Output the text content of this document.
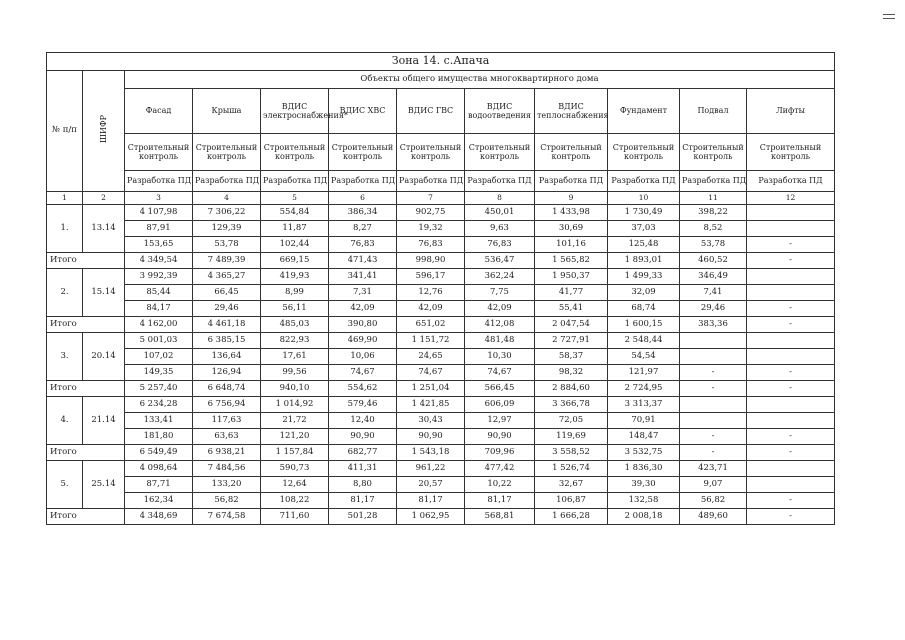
Зона 14. с.Апача											
№ п/п	ШИФР	Объекты общего имущества многоквартирного дома									
		Фасад	Крыша	ВДИС электроснабжения*	ВДИС ХВС	ВДИС ГВС	ВДИС водоотведения	ВДИС теплоснабжения	Фундамент	Подвал	Лифты
		Строительный контроль	Строительный контроль	Строительный контроль	Строительный контроль	Строительный контроль	Строительный контроль	Строительный контроль	Строительный контроль	Строительный контроль	Строительный контроль
		Разработка ПД	Разработка ПД	Разработка ПД	Разработка ПД	Разработка ПД	Разработка ПД	Разработка ПД	Разработка ПД	Разработка ПД	Разработка ПД
1	2	3	4	5	6	7	8	9	10	11	12
1.	13.14	4 107,98	7 306,22	554,84	386,34	902,75	450,01	1 433,98	1 730,49	398,22	
		87,91	129,39	11,87	8,27	19,32	9,63	30,69	37,03	8,52	
		153,65	53,78	102,44	76,83	76,83	76,83	101,16	125,48	53,78	-
Итого		4 349,54	7 489,39	669,15	471,43	998,90	536,47	1 565,82	1 893,01	460,52	-
2.	15.14	3 992,39	4 365,27	419,93	341,41	596,17	362,24	1 950,37	1 499,33	346,49	
		85,44	66,45	8,99	7,31	12,76	7,75	41,77	32,09	7,41	
		84,17	29,46	56,11	42,09	42,09	42,09	55,41	68,74	29,46	-
Итого		4 162,00	4 461,18	485,03	390,80	651,02	412,08	2 047,54	1 600,15	383,36	-
3.	20.14	5 001,03	6 385,15	822,93	469,90	1 151,72	481,48	2 727,91	2 548,44		
		107,02	136,64	17,61	10,06	24,65	10,30	58,37	54,54		
		149,35	126,94	99,56	74,67	74,67	74,67	98,32	121,97	-	-
Итого		5 257,40	6 648,74	940,10	554,62	1 251,04	566,45	2 884,60	2 724,95	-	-
4.	21.14	6 234,28	6 756,94	1 014,92	579,46	1 421,85	606,09	3 366,78	3 313,37		
		133,41	117,63	21,72	12,40	30,43	12,97	72,05	70,91		
		181,80	63,63	121,20	90,90	90,90	90,90	119,69	148,47	-	-
Итого		6 549,49	6 938,21	1 157,84	682,77	1 543,18	709,96	3 558,52	3 532,75	-	-
5.	25.14	4 098,64	7 484,56	590,73	411,31	961,22	477,42	1 526,74	1 836,30	423,71	
		87,71	133,20	12,64	8,80	20,57	10,22	32,67	39,30	9,07	
		162,34	56,82	108,22	81,17	81,17	81,17	106,87	132,58	56,82	-
Итого		4 348,69	7 674,58	711,60	501,28	1 062,95	568,81	1 666,28	2 008,18	489,60	-
